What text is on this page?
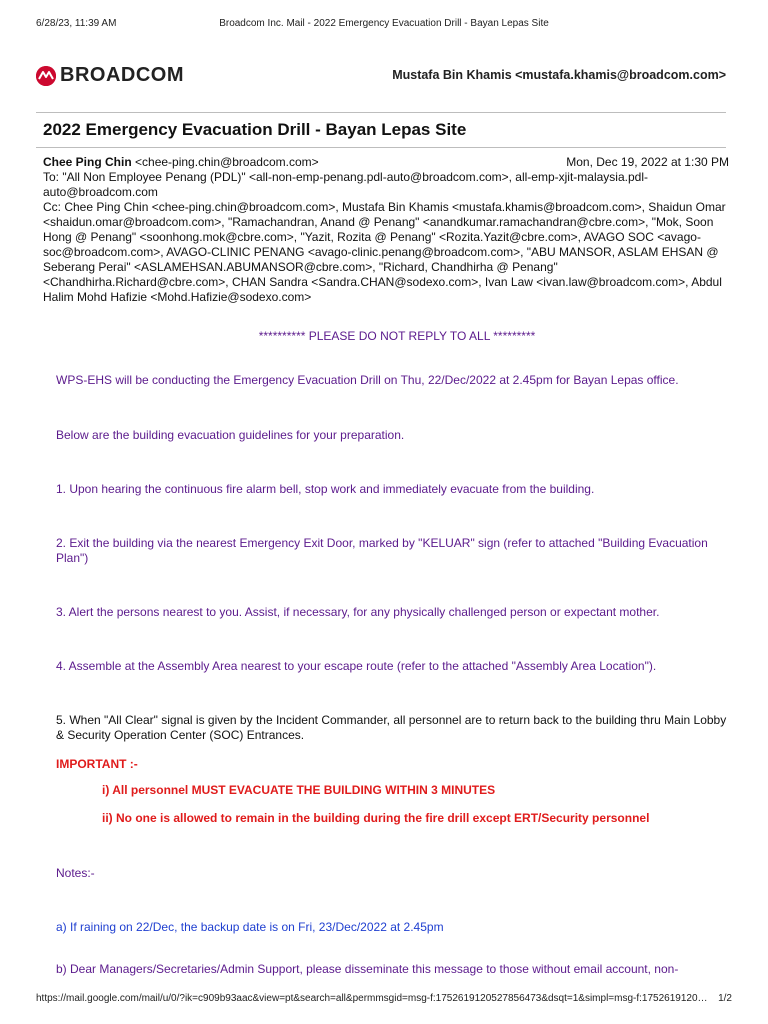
6/28/23, 11:39 AM	Broadcom Inc. Mail - 2022 Emergency Evacuation Drill - Bayan Lepas Site
BROADCOM	Mustafa Bin Khamis <mustafa.khamis@broadcom.com>
2022 Emergency Evacuation Drill - Bayan Lepas Site
Chee Ping Chin <chee-ping.chin@broadcom.com>	Mon, Dec 19, 2022 at 1:30 PM
To: "All Non Employee Penang (PDL)" <all-non-emp-penang.pdl-auto@broadcom.com>, all-emp-xjit-malaysia.pdl-auto@broadcom.com
Cc: Chee Ping Chin <chee-ping.chin@broadcom.com>, Mustafa Bin Khamis <mustafa.khamis@broadcom.com>, Shaidun Omar <shaidun.omar@broadcom.com>, "Ramachandran, Anand @ Penang" <anandkumar.ramachandran@cbre.com>, "Mok, Soon Hong @ Penang" <soonhong.mok@cbre.com>, "Yazit, Rozita @ Penang" <Rozita.Yazit@cbre.com>, AVAGO SOC <avago-soc@broadcom.com>, AVAGO-CLINIC PENANG <avago-clinic.penang@broadcom.com>, "ABU MANSOR, ASLAM EHSAN @ Seberang Perai" <ASLAMEHSAN.ABUMANSOR@cbre.com>, "Richard, Chandhirha @ Penang" <Chandhirha.Richard@cbre.com>, CHAN Sandra <Sandra.CHAN@sodexo.com>, Ivan Law <ivan.law@broadcom.com>, Abdul Halim Mohd Hafizie <Mohd.Hafizie@sodexo.com>
********** PLEASE DO NOT REPLY TO ALL *********
WPS-EHS will be conducting the Emergency Evacuation Drill on Thu, 22/Dec/2022 at 2.45pm for Bayan Lepas office.
Below are the building evacuation guidelines for your preparation.
1. Upon hearing the continuous fire alarm bell, stop work and immediately evacuate from the building.
2. Exit the building via the nearest Emergency Exit Door, marked by "KELUAR" sign (refer to attached "Building Evacuation Plan")
3. Alert the persons nearest to you. Assist, if necessary, for any physically challenged person or expectant mother.
4. Assemble at the Assembly Area nearest to your escape route (refer to the attached "Assembly Area Location").
5. When "All Clear" signal is given by the Incident Commander, all personnel are to return back to the building thru Main Lobby & Security Operation Center (SOC) Entrances.
IMPORTANT :-
i) All personnel MUST EVACUATE THE BUILDING WITHIN 3 MINUTES
ii) No one is allowed to remain in the building during the fire drill except ERT/Security personnel
Notes:-
a) If raining on 22/Dec, the backup date is on Fri, 23/Dec/2022 at 2.45pm
b) Dear Managers/Secretaries/Admin Support, please disseminate this message to those without email account, non-
https://mail.google.com/mail/u/0/?ik=c909b93aac&view=pt&search=all&permmsgid=msg-f:1752619120527856473&dsqt=1&simpl=msg-f:1752619120… 1/2
